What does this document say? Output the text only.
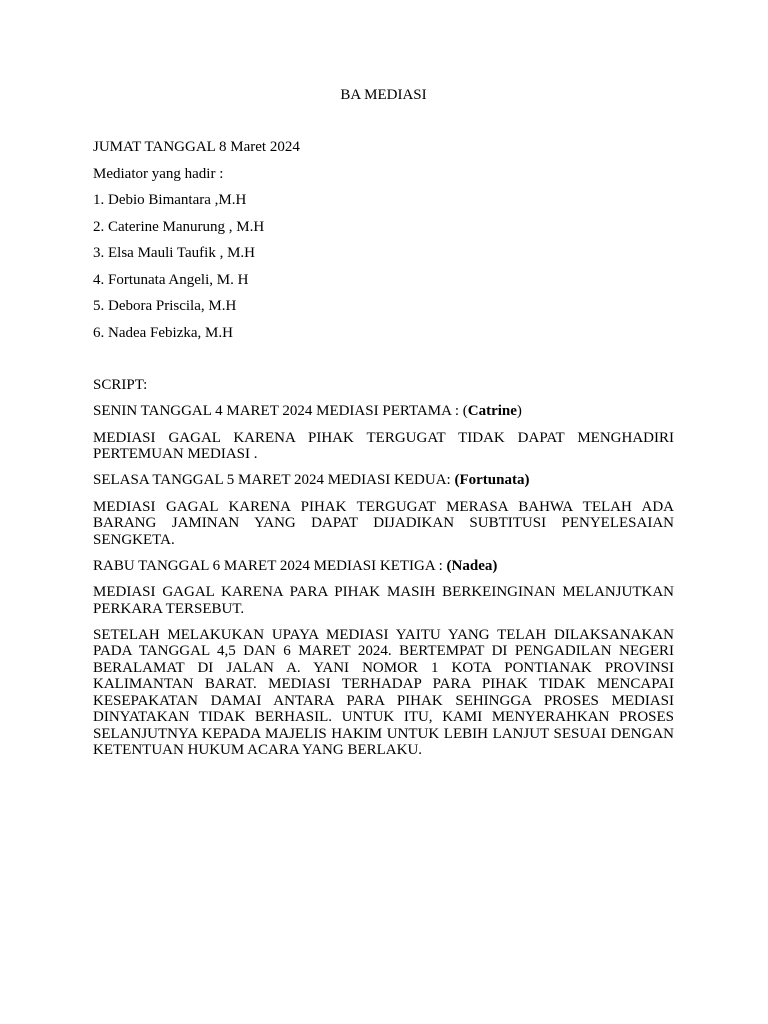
BA MEDIASI

JUMAT TANGGAL 8 Maret 2024

Mediator yang hadir :

1. Debio Bimantara ,M.H

2. Caterine Manurung , M.H

3. Elsa Mauli Taufik , M.H

4. Fortunata Angeli, M. H

5. Debora Priscila, M.H

6. Nadea Febizka, M.H

SCRIPT:

SENIN TANGGAL 4 MARET 2024 MEDIASI PERTAMA : (Catrine)

MEDIASI GAGAL KARENA PIHAK TERGUGAT TIDAK DAPAT MENGHADIRI PERTEMUAN MEDIASI .

SELASA TANGGAL 5 MARET 2024 MEDIASI KEDUA: (Fortunata)

MEDIASI GAGAL KARENA PIHAK TERGUGAT MERASA BAHWA TELAH ADA BARANG JAMINAN YANG DAPAT DIJADIKAN SUBTITUSI PENYELESAIAN SENGKETA.

RABU TANGGAL 6 MARET 2024 MEDIASI KETIGA : (Nadea)

MEDIASI GAGAL KARENA PARA PIHAK MASIH BERKEINGINAN MELANJUTKAN PERKARA TERSEBUT.

SETELAH MELAKUKAN UPAYA MEDIASI YAITU YANG TELAH DILAKSANAKAN PADA TANGGAL 4,5 DAN 6 MARET 2024. BERTEMPAT DI PENGADILAN NEGERI BERALAMAT DI JALAN A. YANI NOMOR 1 KOTA PONTIANAK PROVINSI KALIMANTAN BARAT. MEDIASI TERHADAP PARA PIHAK TIDAK MENCAPAI KESEPAKATAN DAMAI ANTARA PARA PIHAK SEHINGGA PROSES MEDIASI DINYATAKAN TIDAK BERHASIL. UNTUK ITU, KAMI MENYERAHKAN PROSES SELANJUTNYA KEPADA MAJELIS HAKIM UNTUK LEBIH LANJUT SESUAI DENGAN KETENTUAN HUKUM ACARA YANG BERLAKU.
